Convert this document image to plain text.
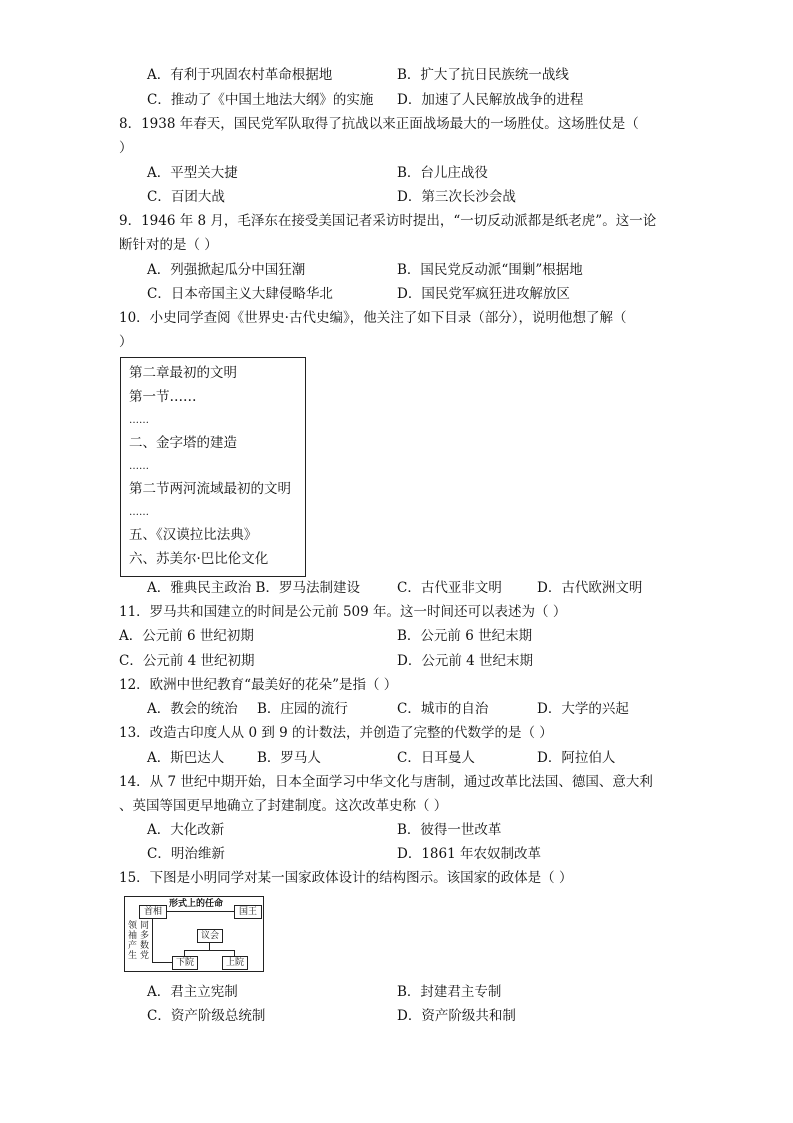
A．有利于巩固农村革命根据地	B．扩大了抗日民族统一战线
C．推动了《中国土地法大纲》的实施 D．加速了人民解放战争的进程
8．1938 年春天，国民党军队取得了抗战以来正面战场最大的一场胜仗。这场胜仗是（
）
A．平型关大捷	B．台儿庄战役
C．百团大战	D．第三次长沙会战
9．1946 年 8 月，毛泽东在接受美国记者采访时提出，“一切反动派都是纸老虎”。这一论
断针对的是（ ）
A．列强掀起瓜分中国狂潮	B．国民党反动派“围剿”根据地
C．日本帝国主义大肆侵略华北	D．国民党军疯狂进攻解放区
10．小史同学查阅《世界史·古代史编》，他关注了如下目录（部分），说明他想了解（
）
第二章最初的文明
第一节……
……
二、金字塔的建造
……
第二节两河流域最初的文明
……
五、《汉谟拉比法典》
六、苏美尔·巴比伦文化
A．雅典民主政治 B．罗马法制建设	C．古代亚非文明	D．古代欧洲文明
11．罗马共和国建立的时间是公元前 509 年。这一时间还可以表述为（ ）
A．公元前 6 世纪初期	B．公元前 6 世纪末期
C．公元前 4 世纪初期	D．公元前 4 世纪末期
12．欧洲中世纪教育“最美好的花朵”是指（ ）
A．教会的统治 B．庄园的流行	C．城市的自治	D．大学的兴起
13．改造古印度人从 0 到 9 的计数法，并创造了完整的代数学的是（ ）
A．斯巴达人 B．罗马人	C．日耳曼人	D．阿拉伯人
14．从 7 世纪中期开始，日本全面学习中华文化与唐制，通过改革比法国、德国、意大利
、英国等国更早地确立了封建制度。这次改革史称（ ）
A．大化改新	B．彼得一世改革
C．明治维新	D．1861 年农奴制改革
15．下图是小明同学对某一国家政体设计的结构图示。该国家的政体是（ ）
首相
形式上的任命
国王
领袖产生
同多数党
议会
下院	上院
A．君主立宪制	B．封建君主专制
C．资产阶级总统制	D．资产阶级共和制
